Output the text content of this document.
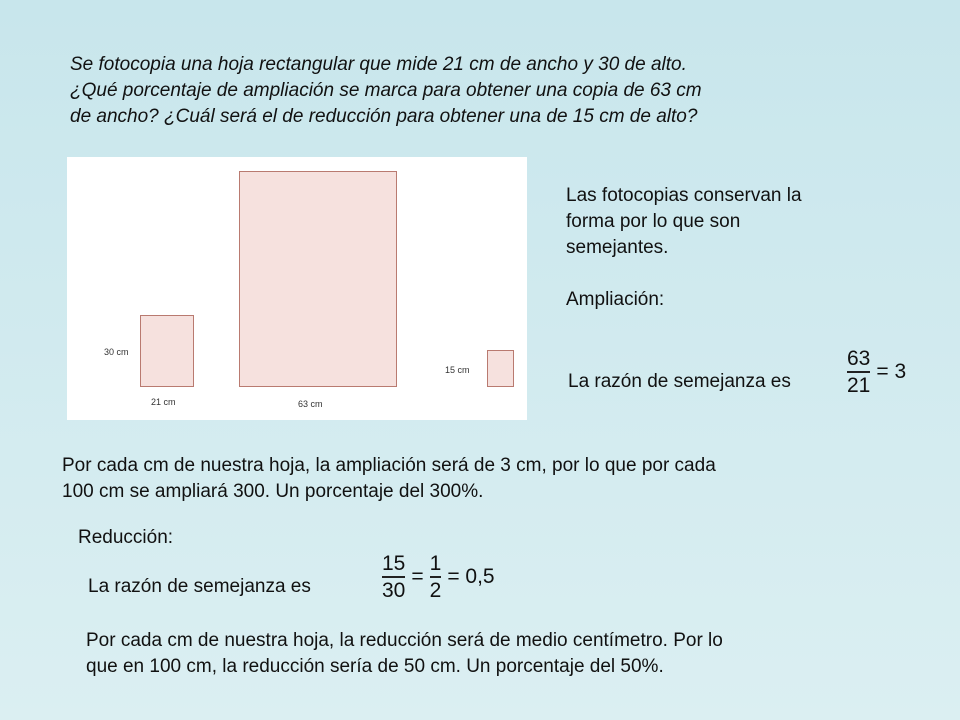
Se fotocopia una hoja rectangular que mide 21 cm de ancho y 30 de alto.
¿Qué porcentaje de ampliación se marca para obtener una copia de 63 cm
de ancho? ¿Cuál será el de reducción para obtener una de 15 cm de alto?
30 cm
21 cm	63 cm
15 cm
Las fotocopias conservan la
forma por lo que son
semejantes.
Ampliación:
La razón de semejanza es	$\frac{63}{21} = 3$
Por cada cm de nuestra hoja, la ampliación será de 3 cm, por lo que por cada
100 cm se ampliará 300. Un porcentaje del 300%.
Reducción:
La razón de semejanza es	$\frac{15}{30} = \frac{1}{2} = 0,5$
Por cada cm de nuestra hoja, la reducción será de medio centímetro. Por lo
que en 100 cm, la reducción sería de 50 cm. Un porcentaje del 50%.
